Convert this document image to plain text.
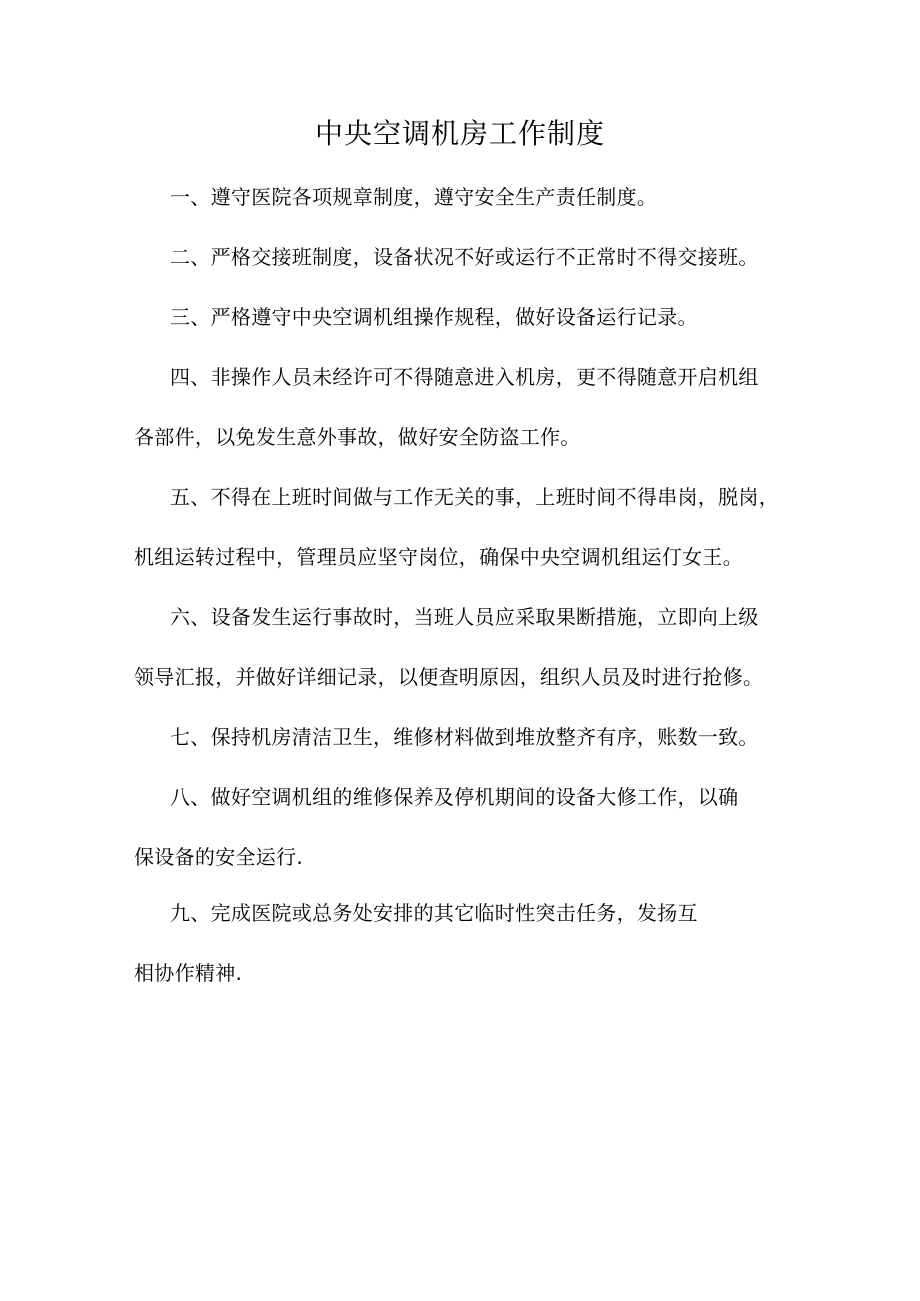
中央空调机房工作制度
一、遵守医院各项规章制度，遵守安全生产责任制度。
二、严格交接班制度，设备状况不好或运行不正常时不得交接班。
三、严格遵守中央空调机组操作规程，做好设备运行记录。
四、非操作人员未经许可不得随意进入机房，更不得随意开启机组
各部件，以免发生意外事故，做好安全防盗工作。
五、不得在上班时间做与工作无关的事，上班时间不得串岗，脱岗，
机组运转过程中，管理员应坚守岗位，确保中央空调机组运仃女王。
六、设备发生运行事故时，当班人员应采取果断措施，立即向上级
领导汇报，并做好详细记录，以便查明原因，组织人员及时进行抢修。
七、保持机房清洁卫生，维修材料做到堆放整齐有序，账数一致。
八、做好空调机组的维修保养及停机期间的设备大修工作，以确
保设备的安全运行.
九、完成医院或总务处安排的其它临时性突击任务，发扬互
相协作精神.
